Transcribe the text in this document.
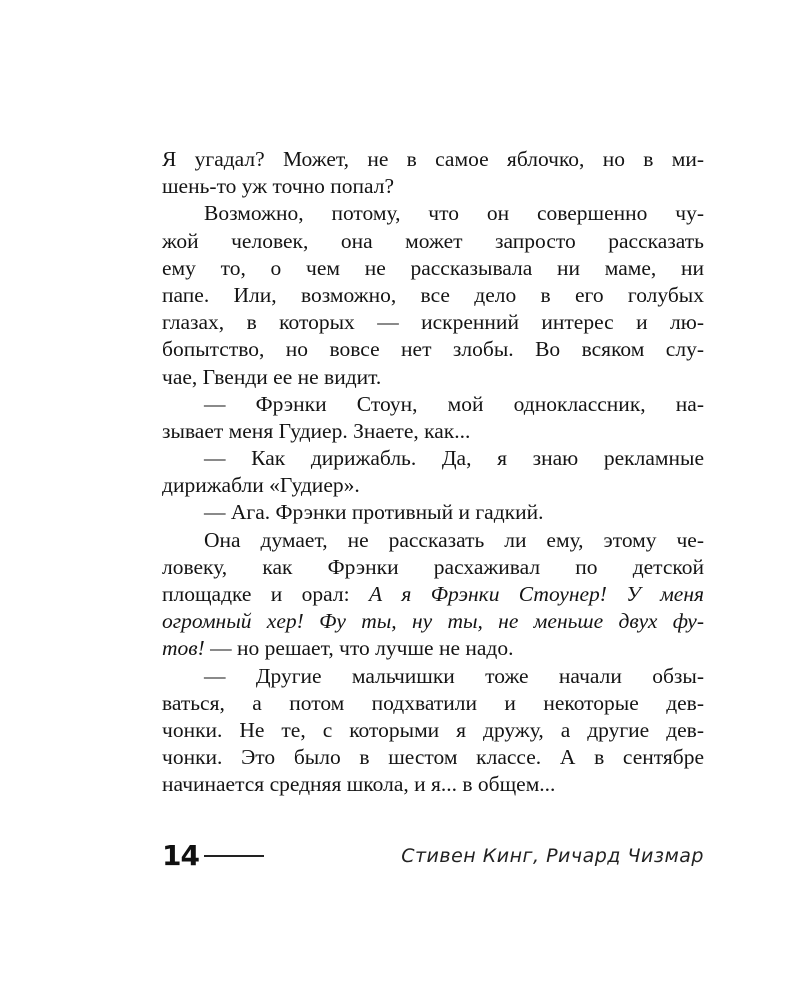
Я угадал? Может, не в самое яблочко, но в ми-
шень-то уж точно попал?
Возможно, потому, что он совершенно чу-
жой человек, она может запросто рассказать
ему то, о чем не рассказывала ни маме, ни
папе. Или, возможно, все дело в его голубых
глазах, в которых — искренний интерес и лю-
бопытство, но вовсе нет злобы. Во всяком слу-
чае, Гвенди ее не видит.
— Фрэнки Стоун, мой одноклассник, на-
зывает меня Гудиер. Знаете, как...
— Как дирижабль. Да, я знаю рекламные
дирижабли «Гудиер».
— Ага. Фрэнки противный и гадкий.
Она думает, не рассказать ли ему, этому че-
ловеку, как Фрэнки расхаживал по детской
площадке и орал: А я Фрэнки Стоунер! У меня
огромный хер! Фу ты, ну ты, не меньше двух фу-
тов! — но решает, что лучше не надо.
— Другие мальчишки тоже начали обзы-
ваться, а потом подхватили и некоторые дев-
чонки. Не те, с которыми я дружу, а другие дев-
чонки. Это было в шестом классе. А в сентябре
начинается средняя школа, и я... в общем...
14	Стивен Кинг, Ричард Чизмар
